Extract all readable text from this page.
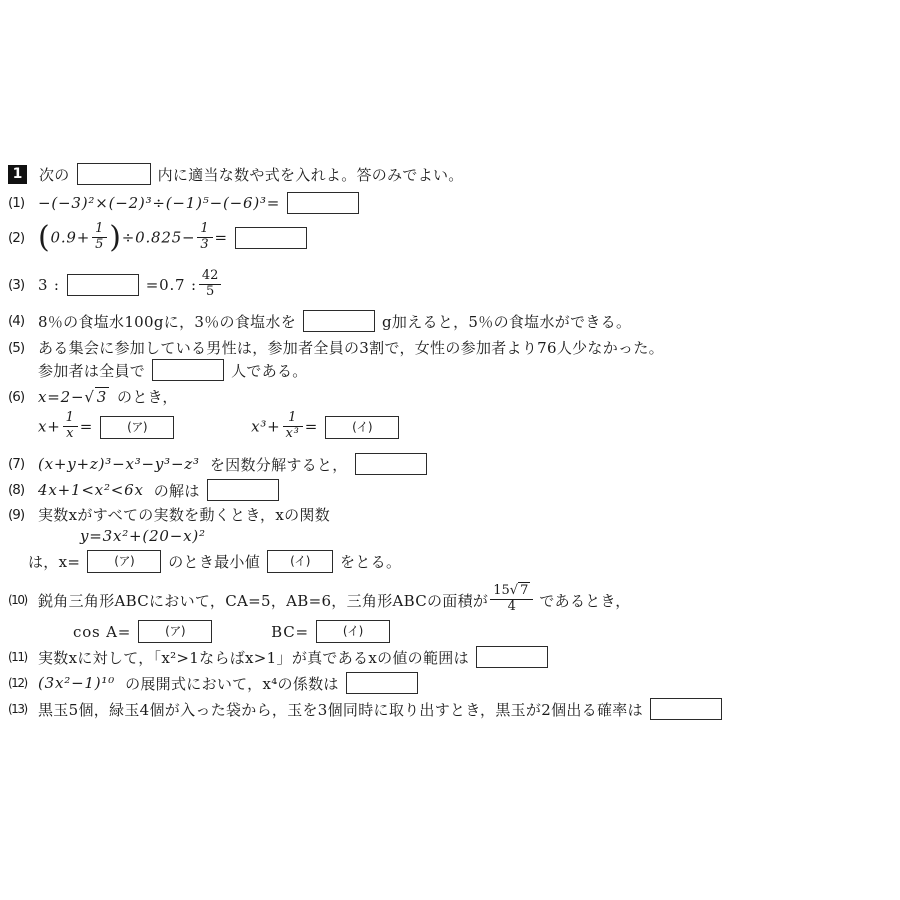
1	次の	内に適当な数や式を入れよ。答のみでよい。
(1) −(−3)²×(−2)³÷(−1)⁵−(−6)³=
(2) $(0.9+ \frac{1}{5} )\div 0.825- \frac{1}{3}$ =
(3) 3 :	=0.7 : $\frac{42}{5}$
(4) 8％の食塩水100gに，3％の食塩水を	g加えると，5％の食塩水ができる。
(5) ある集会に参加している男性は，参加者全員の3割で，女性の参加者より76人少なかった。
参加者は全員で	人である。
(6) x=2−√ 3 のとき，
$x+ \frac{1}{x}$ =	(ア)	$x^3+ \frac{1}{\text{x³}}$ =	(イ)
(7) (x+y+z)³−x³−y³−z³ を因数分解すると，
(8) 4x+1<x²<6x の解は
(9) 実数xがすべての実数を動くとき，xの関数
y=3x²+(20−x)²
は，x=	(ア)	のとき最小値	(イ)	をとる。
(10) 鋭角三角形ABCにおいて，CA=5，AB=6，三角形ABCの面積が $\frac{15√ 7}{4}$ であるとき，
cos A=	(ア)	BC=	(イ)
(11) 実数xに対して，「x²>1ならばx>1」が真であるxの値の範囲は
(12) (3x²−1)¹⁰ の展開式において，x⁴の係数は
(13) 黒玉5個，緑玉4個が入った袋から，玉を3個同時に取り出すとき，黒玉が2個出る確率は
